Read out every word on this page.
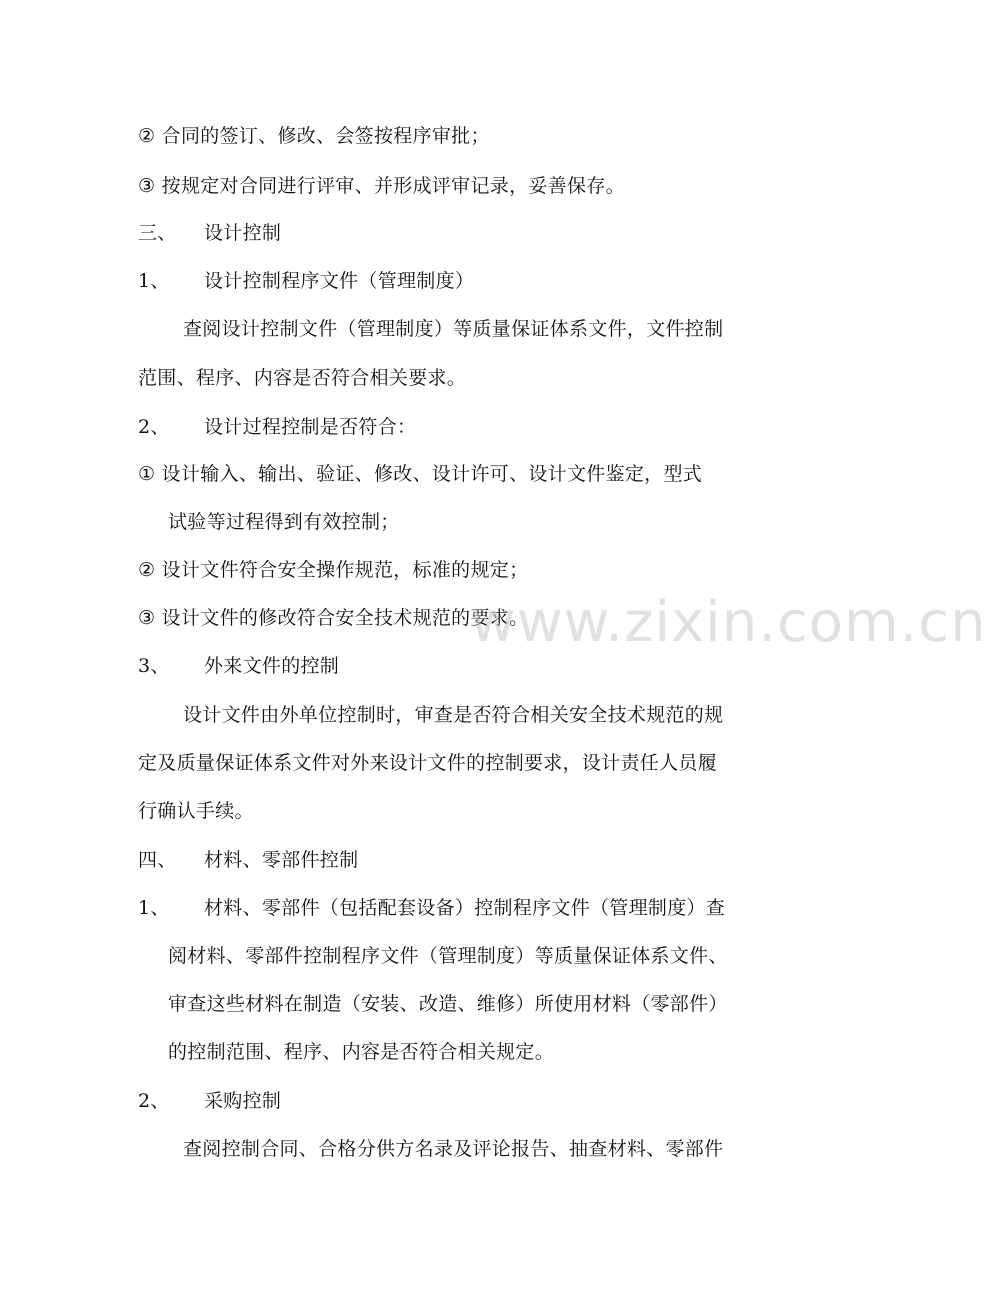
② 合同的签订、修改、会签按程序审批；
③ 按规定对合同进行评审、并形成评审记录，妥善保存。
三、 设计控制
1、 设计控制程序文件（管理制度）
查阅设计控制文件（管理制度）等质量保证体系文件，文件控制
范围、程序、内容是否符合相关要求。
2、 设计过程控制是否符合：
① 设计输入、输出、验证、修改、设计许可、设计文件鉴定，型式
试验等过程得到有效控制；
② 设计文件符合安全操作规范，标准的规定；
③ 设计文件的修改符合安全技术规范的要求。
3、 外来文件的控制
设计文件由外单位控制时，审查是否符合相关安全技术规范的规
定及质量保证体系文件对外来设计文件的控制要求，设计责任人员履
行确认手续。
四、 材料、零部件控制
1、 材料、零部件（包括配套设备）控制程序文件（管理制度）查
阅材料、零部件控制程序文件（管理制度）等质量保证体系文件、
审查这些材料在制造（安装、改造、维修）所使用材料（零部件）
的控制范围、程序、内容是否符合相关规定。
2、 采购控制
查阅控制合同、合格分供方名录及评论报告、抽查材料、零部件
www.zixin.com.cn
